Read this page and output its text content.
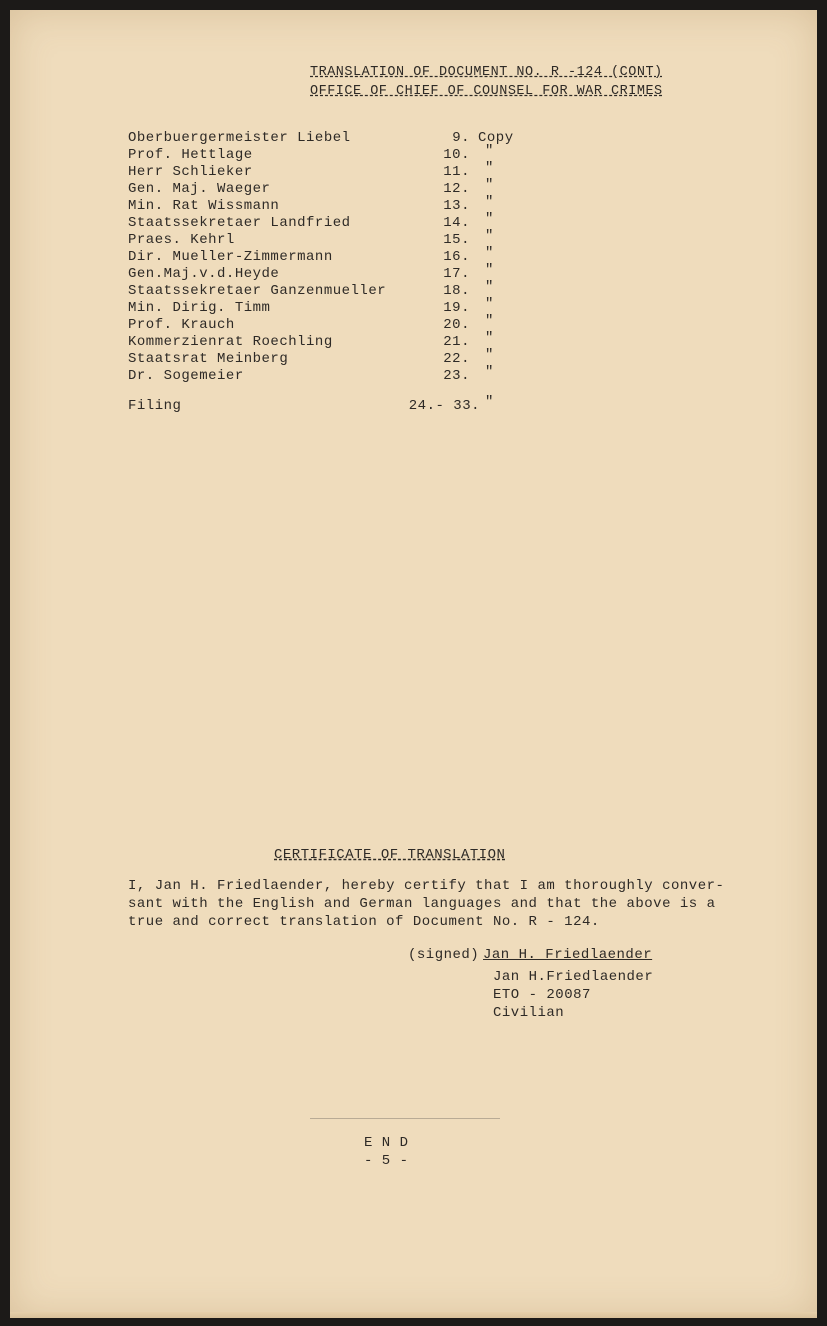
TRANSLATION OF DOCUMENT NO. R -124 (CONT)
OFFICE OF CHIEF OF COUNSEL FOR WAR CRIMES
Oberbuergermeister Liebel	9. Copy
Prof. Hettlage	10. "
Herr Schlieker	11. "
Gen. Maj. Waeger	12. "
Min. Rat Wissmann	13. "
Staatssekretaer Landfried	14. "
Praes. Kehrl	15. "
Dir. Mueller-Zimmermann	16. "
Gen.Maj.v.d.Heyde	17. "
Staatssekretaer Ganzenmueller	18. "
Min. Dirig. Timm	19. "
Prof. Krauch	20. "
Kommerzienrat Roechling	21. "
Staatsrat Meinberg	22. "
Dr. Sogemeier	23. "
Filing	24.- 33. "
CERTIFICATE OF TRANSLATION
I, Jan H. Friedlaender, hereby certify that I am thoroughly conver-
sant with the English and German languages and that the above is a
true and correct translation of Document No. R - 124.
(signed) Jan H. Friedlaender
Jan H.Friedlaender
ETO - 20087
Civilian
E N D
- 5 -
